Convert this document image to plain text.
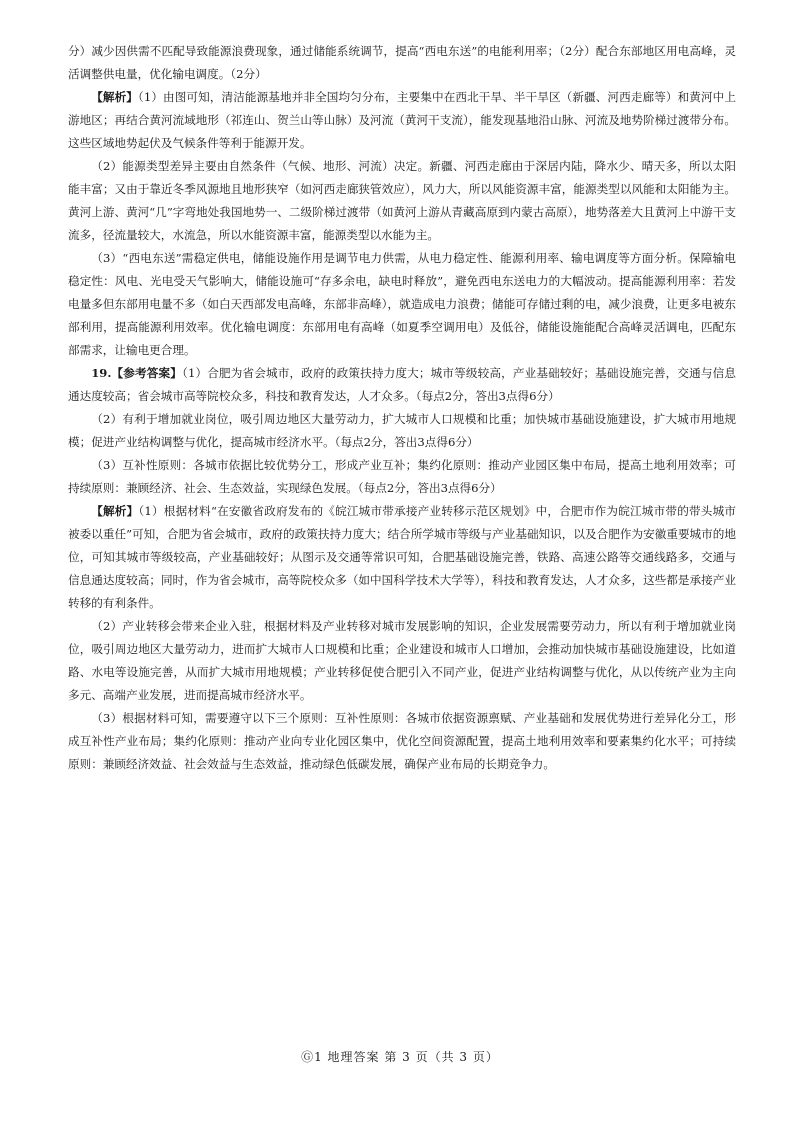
分）减少因供需不匹配导致能源浪费现象，通过储能系统调节，提高“西电东送”的电能利用率；（2分）配合东部地区用电高峰，灵活调整供电量，优化输电调度。（2分）

【解析】（1）由图可知，清洁能源基地并非全国均匀分布，主要集中在西北干旱、半干旱区（新疆、河西走廊等）和黄河中上游地区；再结合黄河流域地形（祁连山、贺兰山等山脉）及河流（黄河干支流），能发现基地沿山脉、河流及地势阶梯过渡带分布。这些区域地势起伏及气候条件等利于能源开发。

（2）能源类型差异主要由自然条件（气候、地形、河流）决定。新疆、河西走廊由于深居内陆，降水少、晴天多，所以太阳能丰富；又由于靠近冬季风源地且地形狭窄（如河西走廊狭管效应），风力大，所以风能资源丰富，能源类型以风能和太阳能为主。黄河上游、黄河“几”字弯地处我国地势一、二级阶梯过渡带（如黄河上游从青藏高原到内蒙古高原），地势落差大且黄河上中游干支流多，径流量较大，水流急，所以水能资源丰富，能源类型以水能为主。

（3）“西电东送”需稳定供电，储能设施作用是调节电力供需，从电力稳定性、能源利用率、输电调度等方面分析。保障输电稳定性：风电、光电受天气影响大，储能设施可“存多余电，缺电时释放”，避免西电东送电力的大幅波动。提高能源利用率：若发电量多但东部用电量不多（如白天西部发电高峰，东部非高峰），就造成电力浪费；储能可存储过剩的电，减少浪费，让更多电被东部利用，提高能源利用效率。优化输电调度：东部用电有高峰（如夏季空调用电）及低谷，储能设施能配合高峰灵活调电，匹配东部需求，让输电更合理。

19.【参考答案】（1）合肥为省会城市，政府的政策扶持力度大；城市等级较高，产业基础较好；基础设施完善，交通与信息通达度较高；省会城市高等院校众多，科技和教育发达，人才众多。（每点2分，答出3点得6分）

（2）有利于增加就业岗位，吸引周边地区大量劳动力，扩大城市人口规模和比重；加快城市基础设施建设，扩大城市用地规模；促进产业结构调整与优化，提高城市经济水平。（每点2分，答出3点得6分）

（3）互补性原则：各城市依据比较优势分工，形成产业互补；集约化原则：推动产业园区集中布局，提高土地利用效率；可持续原则：兼顾经济、社会、生态效益，实现绿色发展。（每点2分，答出3点得6分）

【解析】（1）根据材料“在安徽省政府发布的《皖江城市带承接产业转移示范区规划》中，合肥市作为皖江城市带的带头城市被委以重任”可知，合肥为省会城市，政府的政策扶持力度大；结合所学城市等级与产业基础知识，以及合肥作为安徽重要城市的地位，可知其城市等级较高，产业基础较好；从图示及交通等常识可知，合肥基础设施完善，铁路、高速公路等交通线路多，交通与信息通达度较高；同时，作为省会城市，高等院校众多（如中国科学技术大学等），科技和教育发达，人才众多，这些都是承接产业转移的有利条件。

（2）产业转移会带来企业入驻，根据材料及产业转移对城市发展影响的知识，企业发展需要劳动力，所以有利于增加就业岗位，吸引周边地区大量劳动力，进而扩大城市人口规模和比重；企业建设和城市人口增加，会推动加快城市基础设施建设，比如道路、水电等设施完善，从而扩大城市用地规模；产业转移促使合肥引入不同产业，促进产业结构调整与优化，从以传统产业为主向多元、高端产业发展，进而提高城市经济水平。

（3）根据材料可知，需要遵守以下三个原则：互补性原则：各城市依据资源禀赋、产业基础和发展优势进行差异化分工，形成互补性产业布局；集约化原则：推动产业向专业化园区集中，优化空间资源配置，提高土地利用效率和要素集约化水平；可持续原则：兼顾经济效益、社会效益与生态效益，推动绿色低碳发展，确保产业布局的长期竞争力。

Ⓖ1 地理答案 第 3 页（共 3 页）
